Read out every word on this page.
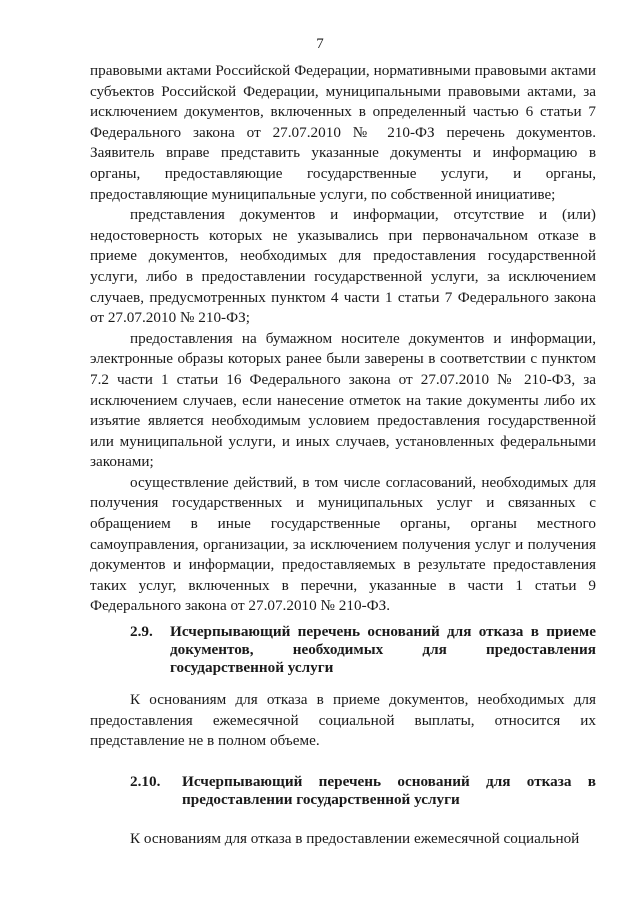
7

правовыми актами Российской Федерации, нормативными правовыми актами субъектов Российской Федерации, муниципальными правовыми актами, за исключением документов, включенных в определенный частью 6 статьи 7 Федерального закона от 27.07.2010 № 210-ФЗ перечень документов. Заявитель вправе представить указанные документы и информацию в органы, предоставляющие государственные услуги, и органы, предоставляющие муниципальные услуги, по собственной инициативе;

представления документов и информации, отсутствие и (или) недостоверность которых не указывались при первоначальном отказе в приеме документов, необходимых для предоставления государственной услуги, либо в предоставлении государственной услуги, за исключением случаев, предусмотренных пунктом 4 части 1 статьи 7 Федерального закона от 27.07.2010 № 210-ФЗ;

предоставления на бумажном носителе документов и информации, электронные образы которых ранее были заверены в соответствии с пунктом 7.2 части 1 статьи 16 Федерального закона от 27.07.2010 № 210-ФЗ, за исключением случаев, если нанесение отметок на такие документы либо их изъятие является необходимым условием предоставления государственной или муниципальной услуги, и иных случаев, установленных федеральными законами;

осуществление действий, в том числе согласований, необходимых для получения государственных и муниципальных услуг и связанных с обращением в иные государственные органы, органы местного самоуправления, организации, за исключением получения услуг и получения документов и информации, предоставляемых в результате предоставления таких услуг, включенных в перечни, указанные в части 1 статьи 9 Федерального закона от 27.07.2010 № 210-ФЗ.

2.9. Исчерпывающий перечень оснований для отказа в приеме документов, необходимых для предоставления государственной услуги

К основаниям для отказа в приеме документов, необходимых для предоставления ежемесячной социальной выплаты, относится их представление не в полном объеме.

2.10. Исчерпывающий перечень оснований для отказа в предоставлении государственной услуги

К основаниям для отказа в предоставлении ежемесячной социальной
